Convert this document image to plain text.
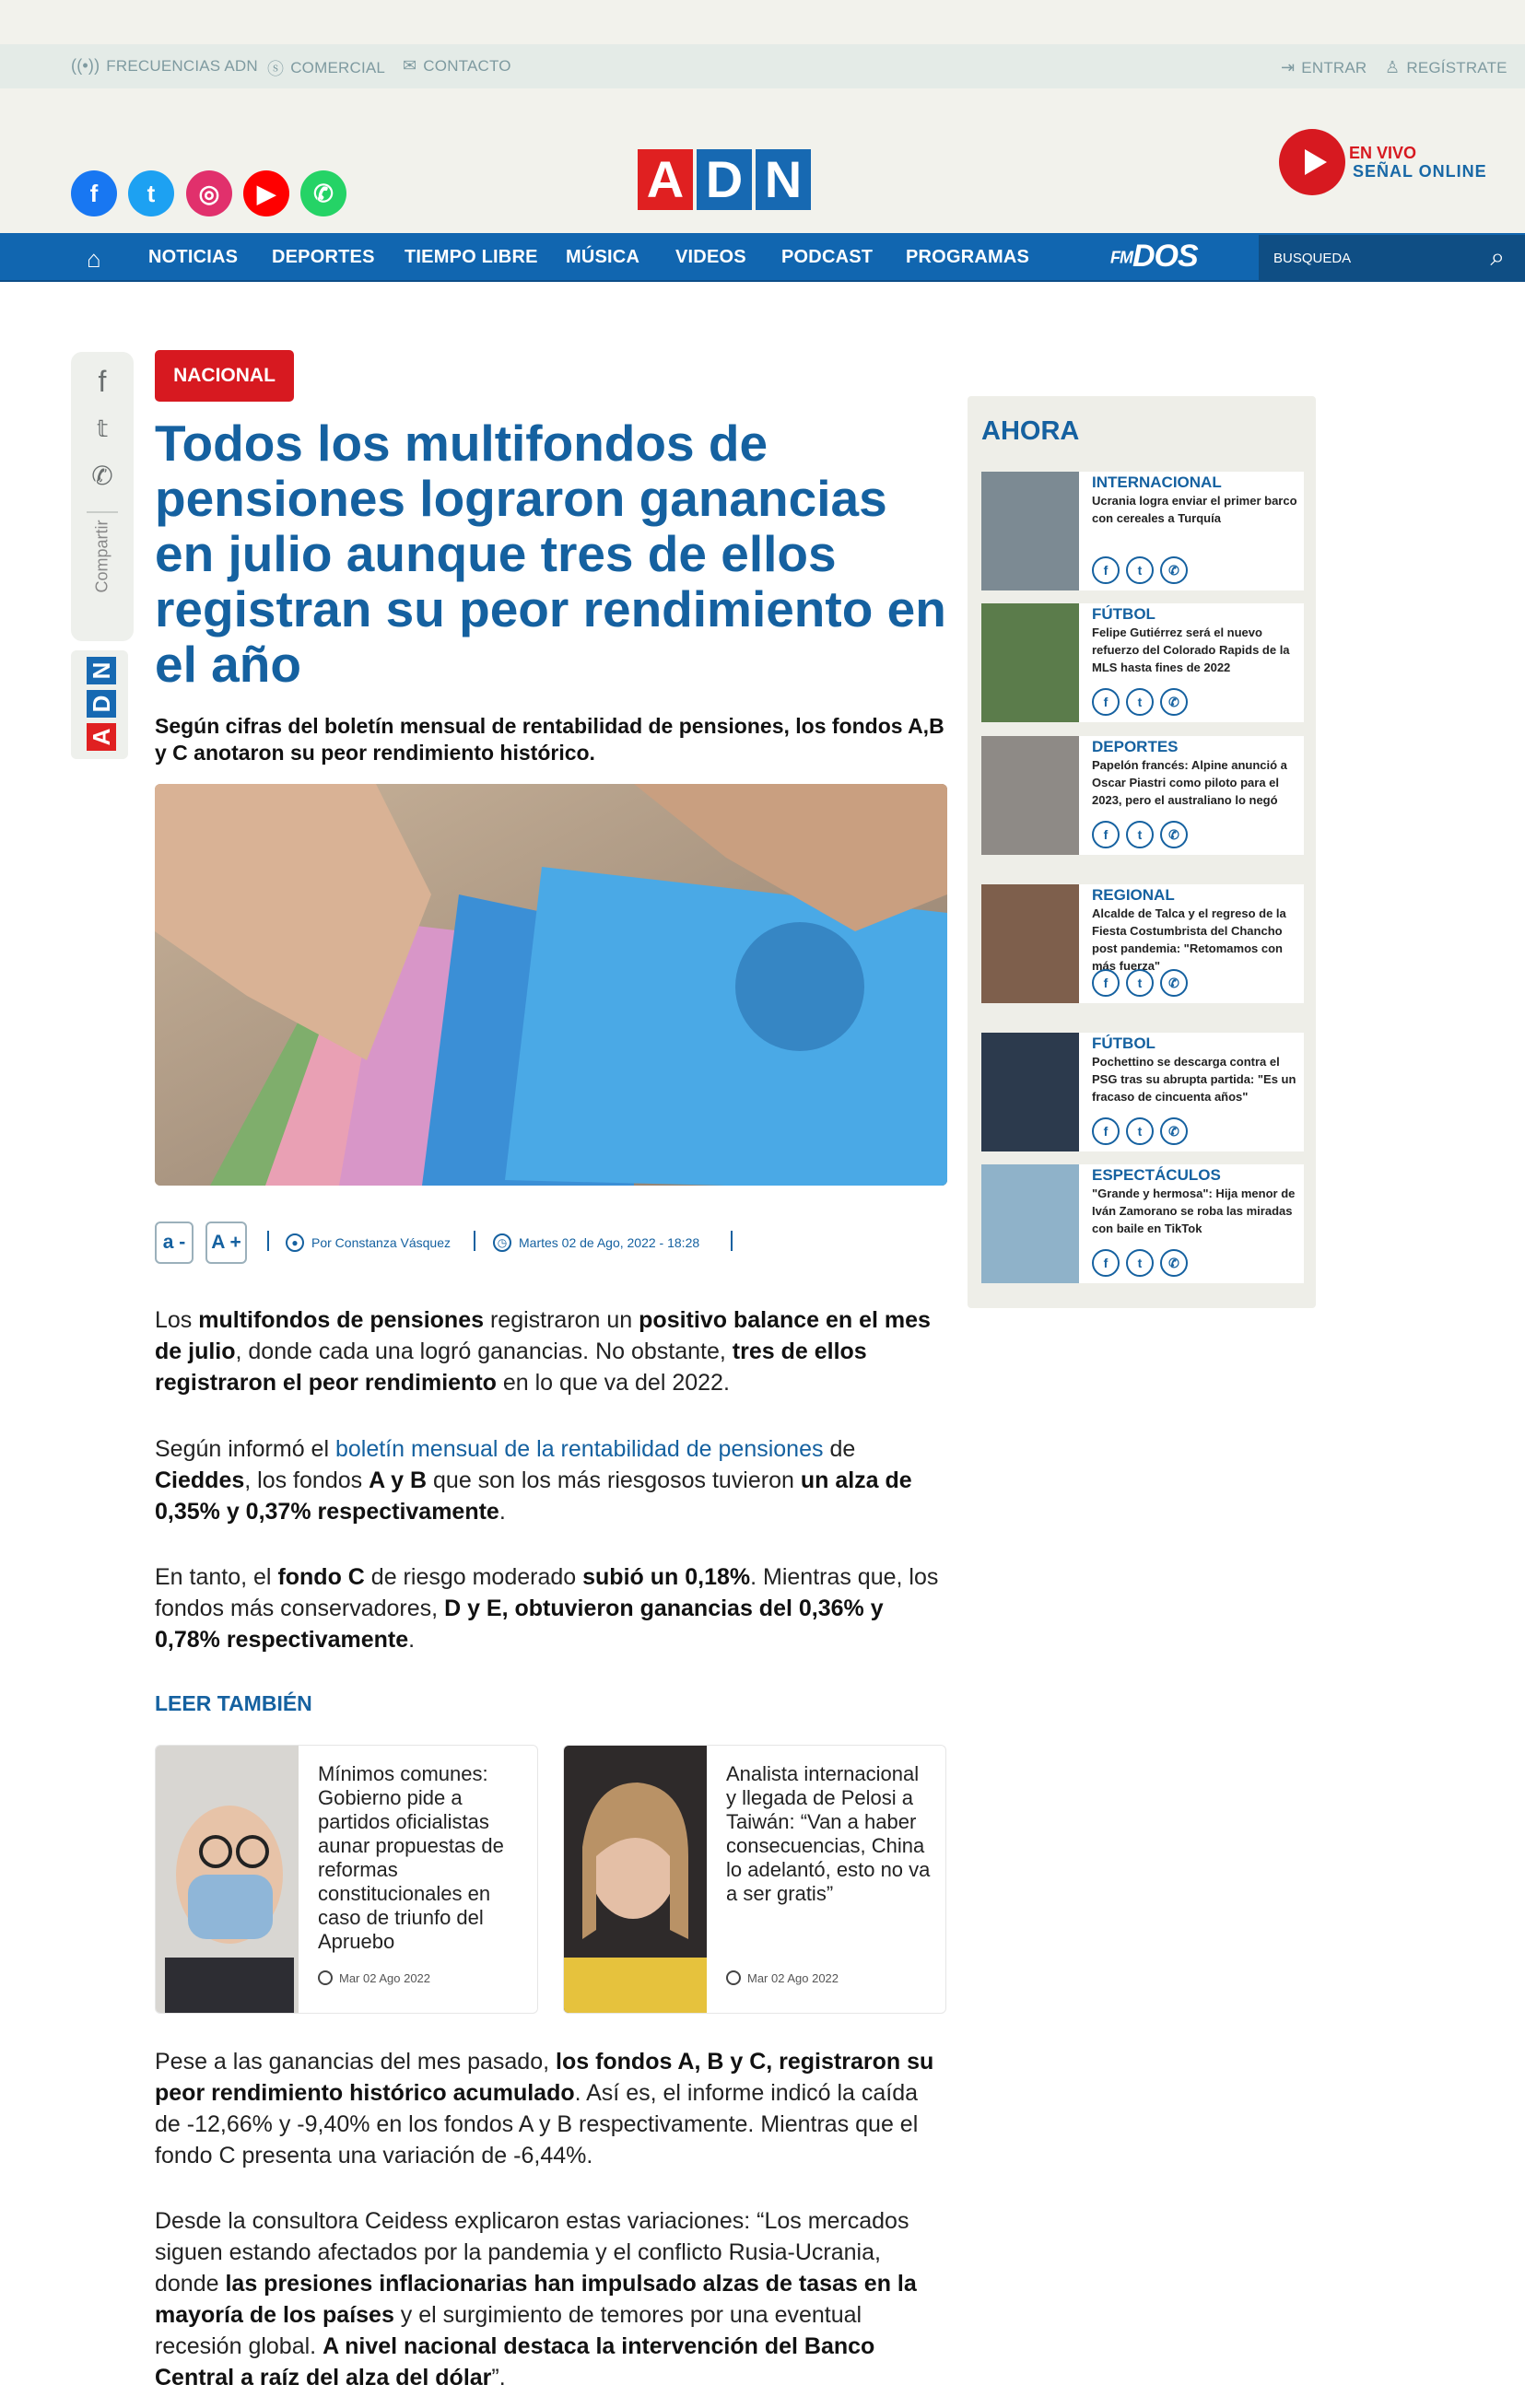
((•)) FRECUENCIAS ADN ⓢ COMERCIAL ✉ CONTACTO	⇥ ENTRAR ♙ REGÍSTRATE
f	t	◎	▶	✆	A D N	EN VIVO
SEÑAL ONLINE
⌂	NOTICIAS DEPORTES TIEMPO LIBRE MÚSICA VIDEOS PODCAST PROGRAMAS	FMDOS
BUSQUEDA	⌕
f
𝕥
✆
Compartir
N
D
A
NACIONAL
Todos los multifondos de pensiones lograron ganancias en julio aunque tres de ellos registran su peor rendimiento en el año
Según cifras del boletín mensual de rentabilidad de pensiones, los fondos A,B y C anotaron su peor rendimiento histórico.
a -	A +	●	Por Constanza Vásquez	◷ Martes 02 de Ago, 2022 - 18:28

Los multifondos de pensiones registraron un positivo balance en el mes de julio, donde cada una logró ganancias. No obstante, tres de ellos registraron el peor rendimiento en lo que va del 2022.

Según informó el boletín mensual de la rentabilidad de pensiones de Cieddes, los fondos A y B que son los más riesgosos tuvieron un alza de 0,35% y 0,37% respectivamente.

En tanto, el fondo C de riesgo moderado subió un 0,18%. Mientras que, los fondos más conservadores, D y E, obtuvieron ganancias del 0,36% y 0,78% respectivamente.

LEER TAMBIÉN
Mínimos comunes: Gobierno pide a partidos oficialistas aunar propuestas de reformas constitucionales en caso de triunfo del Apruebo
Mar 02 Ago 2022
Analista internacional y llegada de Pelosi a Taiwán: “Van a haber consecuencias, China lo adelantó, esto no va a ser gratis”
Mar 02 Ago 2022

Pese a las ganancias del mes pasado, los fondos A, B y C, registraron su peor rendimiento histórico acumulado. Así es, el informe indicó la caída de -12,66% y -9,40% en los fondos A y B respectivamente. Mientras que el fondo C presenta una variación de -6,44%.

Desde la consultora Ceidess explicaron estas variaciones: “Los mercados siguen estando afectados por la pandemia y el conflicto Rusia-Ucrania, donde las presiones inflacionarias han impulsado alzas de tasas en la mayoría de los países y el surgimiento de temores por una eventual recesión global. A nivel nacional destaca la intervención del Banco Central a raíz del alza del dólar”.

AHORA
INTERNACIONAL
Ucrania logra enviar el primer barco con cereales a Turquía
f	t	✆
FÚTBOL
Felipe Gutiérrez será el nuevo refuerzo del Colorado Rapids de la MLS hasta fines de 2022
f	t	✆
DEPORTES
Papelón francés: Alpine anunció a Oscar Piastri como piloto para el 2023, pero el australiano lo negó
f	t	✆
REGIONAL
Alcalde de Talca y el regreso de la Fiesta Costumbrista del Chancho post pandemia: "Retomamos con más fuerza"
f	t	✆
FÚTBOL
Pochettino se descarga contra el PSG tras su abrupta partida: "Es un fracaso de cincuenta años"
f	t	✆
ESPECTÁCULOS
"Grande y hermosa": Hija menor de Iván Zamorano se roba las miradas con baile en TikTok
f	t	✆
